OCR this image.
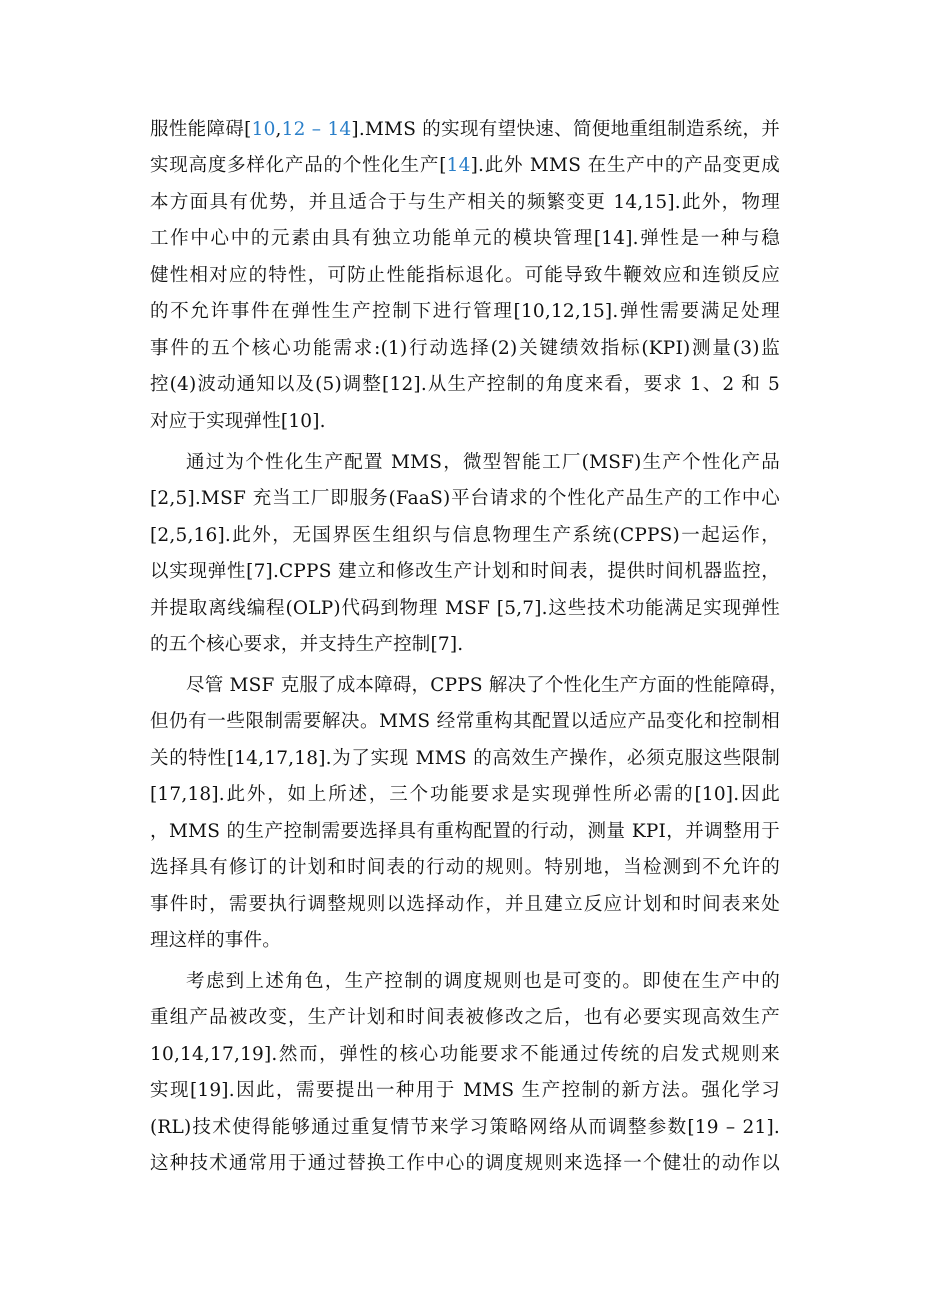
服性能障碍[10,12 – 14].MMS 的实现有望快速、简便地重组制造系统，并
实现高度多样化产品的个性化生产[14].此外 MMS 在生产中的产品变更成
本方面具有优势，并且适合于与生产相关的频繁变更 14,15].此外，物理
工作中心中的元素由具有独立功能单元的模块管理[14].弹性是一种与稳
健性相对应的特性，可防止性能指标退化。可能导致牛鞭效应和连锁反应
的不允许事件在弹性生产控制下进行管理[10,12,15].弹性需要满足处理
事件的五个核心功能需求:(1)行动选择(2)关键绩效指标(KPI)测量(3)监
控(4)波动通知以及(5)调整[12].从生产控制的角度来看，要求 1、2 和 5
对应于实现弹性[10].
通过为个性化生产配置 MMS，微型智能工厂(MSF)生产个性化产品
[2,5].MSF 充当工厂即服务(FaaS)平台请求的个性化产品生产的工作中心
[2,5,16].此外，无国界医生组织与信息物理生产系统(CPPS)一起运作，
以实现弹性[7].CPPS 建立和修改生产计划和时间表，提供时间机器监控，
并提取离线编程(OLP)代码到物理 MSF [5,7].这些技术功能满足实现弹性
的五个核心要求，并支持生产控制[7].
尽管 MSF 克服了成本障碍，CPPS 解决了个性化生产方面的性能障碍，
但仍有一些限制需要解决。MMS 经常重构其配置以适应产品变化和控制相
关的特性[14,17,18].为了实现 MMS 的高效生产操作，必须克服这些限制
[17,18].此外，如上所述，三个功能要求是实现弹性所必需的[10].因此
，MMS 的生产控制需要选择具有重构配置的行动，测量 KPI，并调整用于
选择具有修订的计划和时间表的行动的规则。特别地，当检测到不允许的
事件时，需要执行调整规则以选择动作，并且建立反应计划和时间表来处
理这样的事件。
考虑到上述角色，生产控制的调度规则也是可变的。即使在生产中的
重组产品被改变，生产计划和时间表被修改之后，也有必要实现高效生产
10,14,17,19].然而，弹性的核心功能要求不能通过传统的启发式规则来
实现[19].因此，需要提出一种用于 MMS 生产控制的新方法。强化学习
(RL)技术使得能够通过重复情节来学习策略网络从而调整参数[19 – 21].
这种技术通常用于通过替换工作中心的调度规则来选择一个健壮的动作以
